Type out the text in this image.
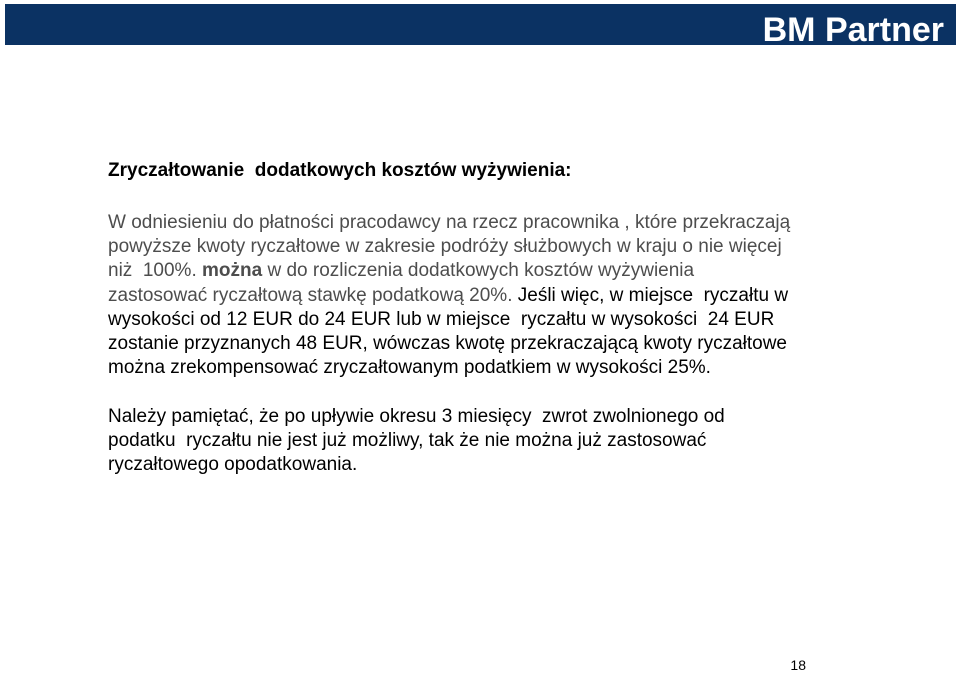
BM Partner
Zryczałtowanie  dodatkowych kosztów wyżywienia:

W odniesieniu do płatności pracodawcy na rzecz pracownika , które przekraczają
powyższe kwoty ryczałtowe w zakresie podróży służbowych w kraju o nie więcej
niż  100%. można w do rozliczenia dodatkowych kosztów wyżywienia
zastosować ryczałtową stawkę podatkową 20%. Jeśli więc, w miejsce  ryczałtu w
wysokości od 12 EUR do 24 EUR lub w miejsce  ryczałtu w wysokości  24 EUR
zostanie przyznanych 48 EUR, wówczas kwotę przekraczającą kwoty ryczałtowe
można zrekompensować zryczałtowanym podatkiem w wysokości 25%.

Należy pamiętać, że po upływie okresu 3 miesięcy  zwrot zwolnionego od
podatku  ryczałtu nie jest już możliwy, tak że nie można już zastosować
ryczałtowego opodatkowania.

18
